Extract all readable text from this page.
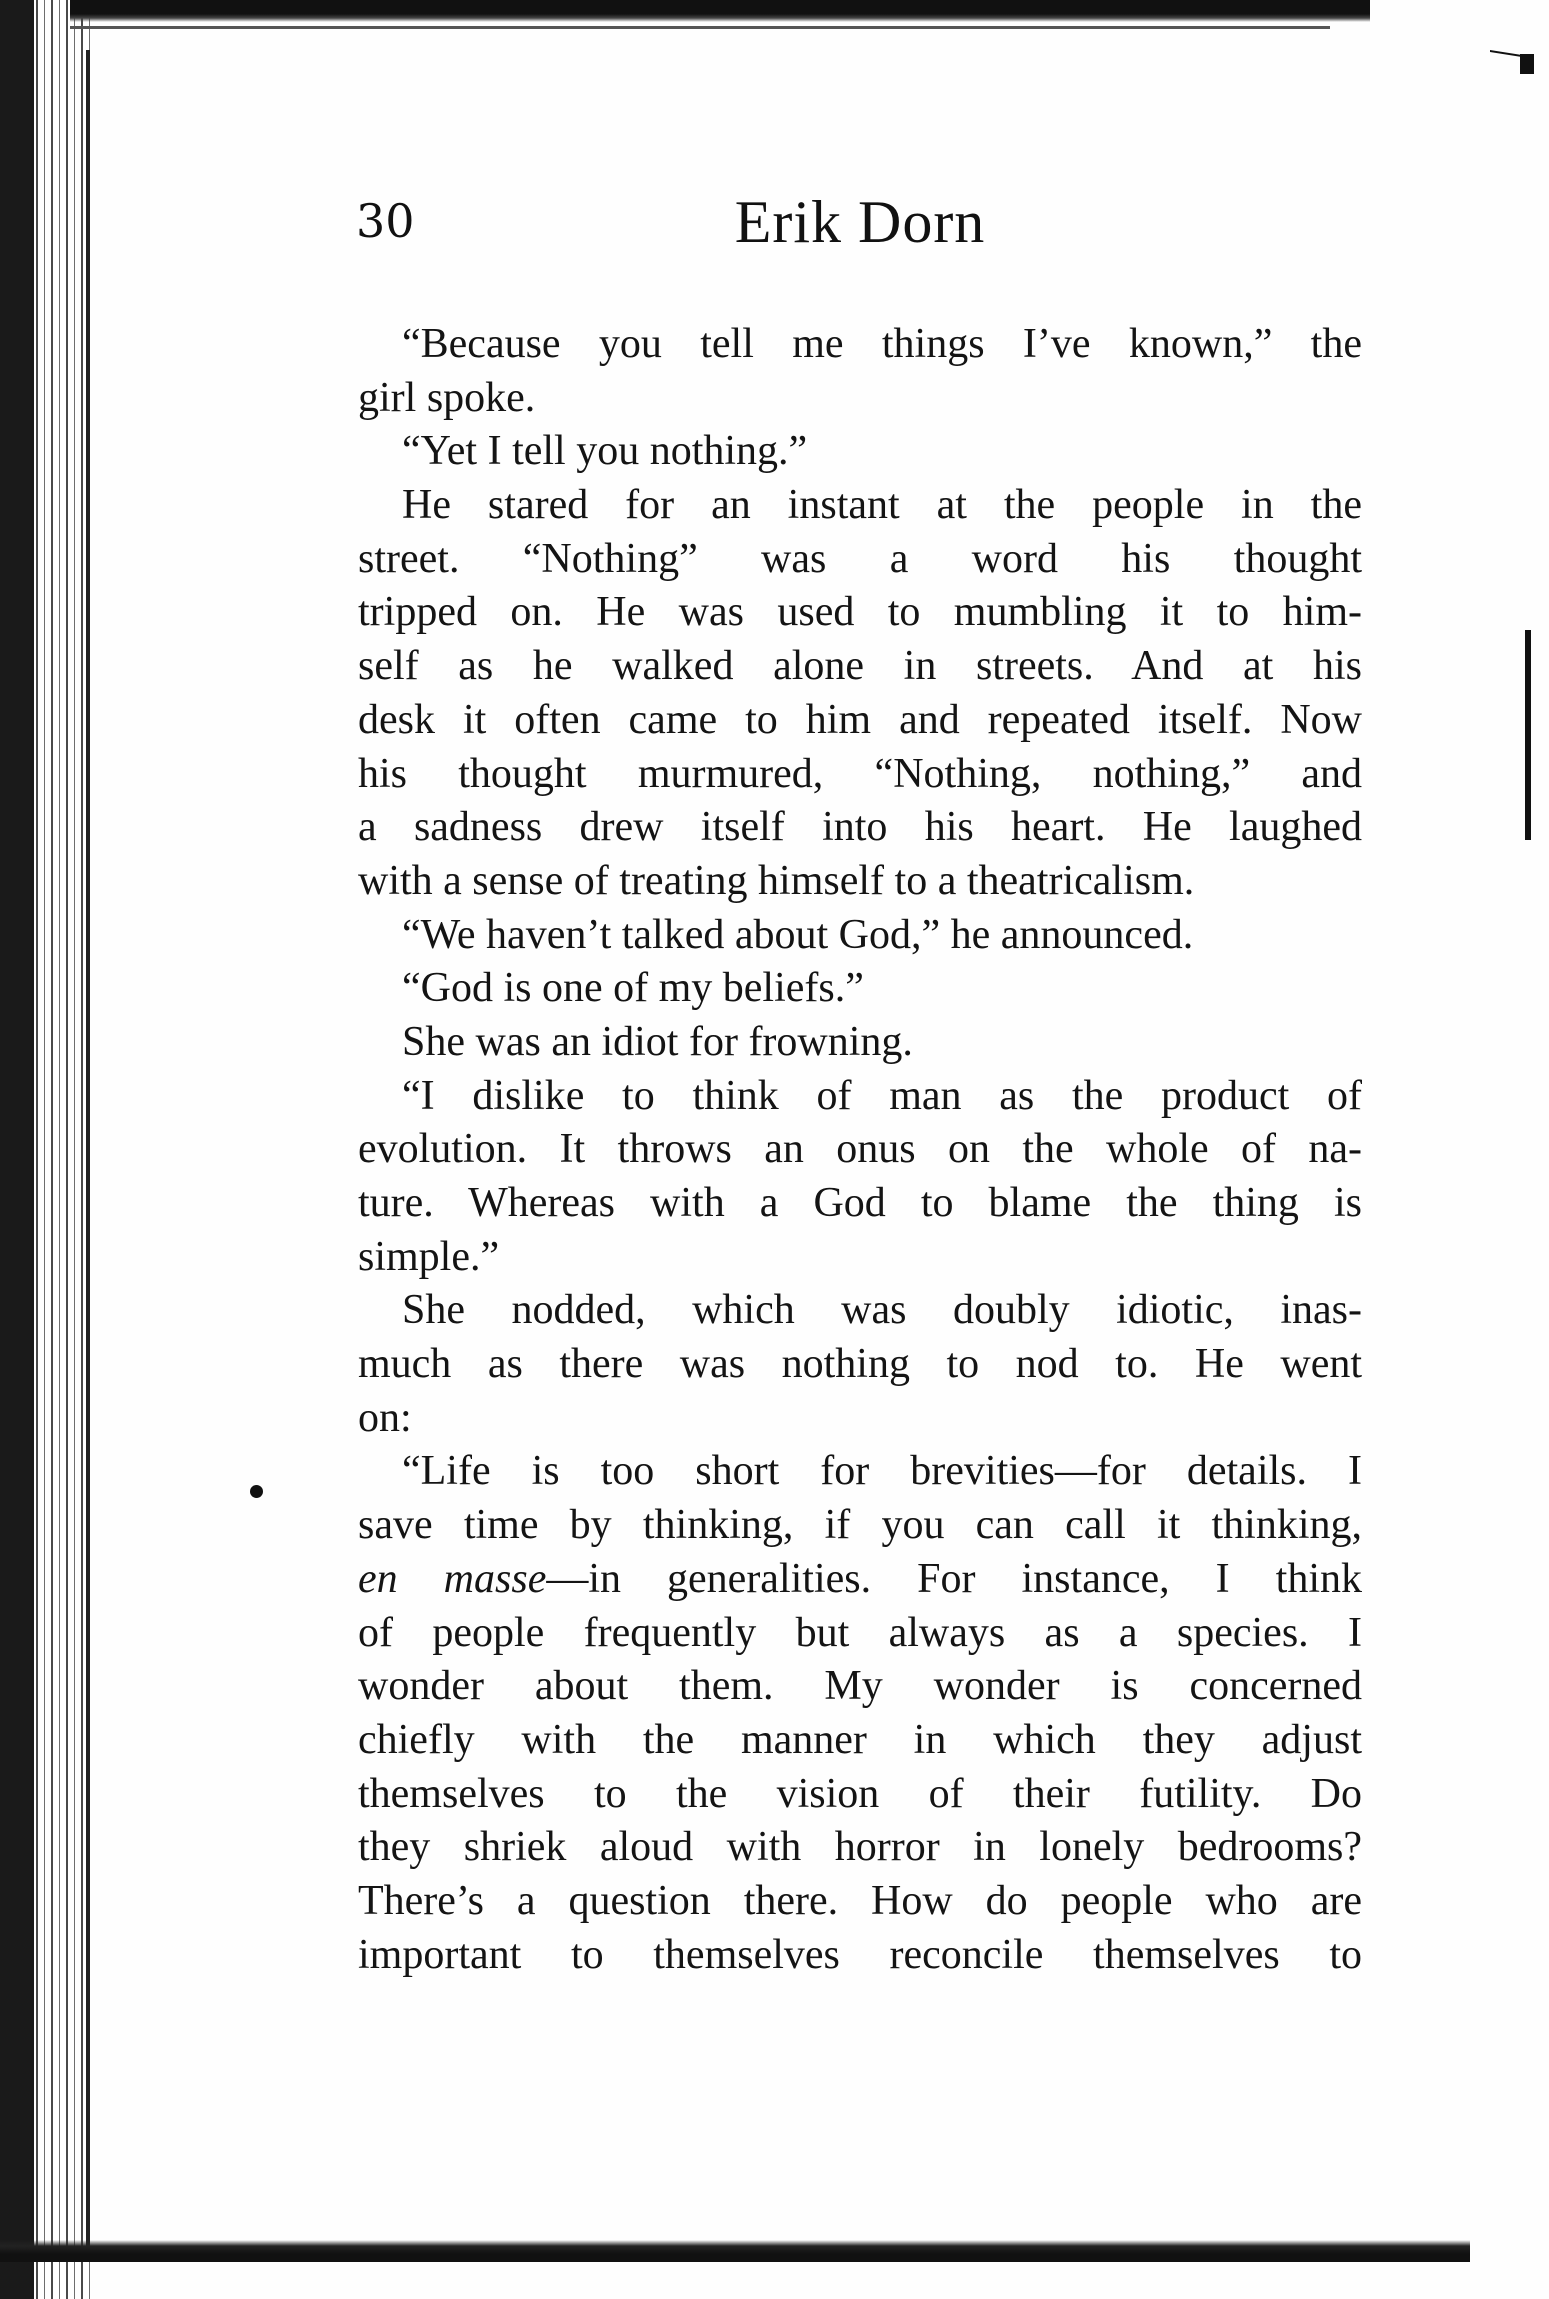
30	Erik Dorn
“Because you tell me things I’ve known,” the
girl spoke.
“Yet I tell you nothing.”
He stared for an instant at the people in the
street. “Nothing” was a word his thought
tripped on. He was used to mumbling it to him-
self as he walked alone in streets. And at his
desk it often came to him and repeated itself. Now
his thought murmured, “Nothing, nothing,” and
a sadness drew itself into his heart. He laughed
with a sense of treating himself to a theatricalism.
“We haven’t talked about God,” he announced.
“God is one of my beliefs.”
She was an idiot for frowning.
“I dislike to think of man as the product of
evolution. It throws an onus on the whole of na-
ture. Whereas with a God to blame the thing is
simple.”
She nodded, which was doubly idiotic, inas-
much as there was nothing to nod to. He went
on:
“Life is too short for brevities—for details. I
save time by thinking, if you can call it thinking,
en masse—in generalities. For instance, I think
of people frequently but always as a species. I
wonder about them. My wonder is concerned
chiefly with the manner in which they adjust
themselves to the vision of their futility. Do
they shriek aloud with horror in lonely bedrooms?
There’s a question there. How do people who are
important to themselves reconcile themselves to
